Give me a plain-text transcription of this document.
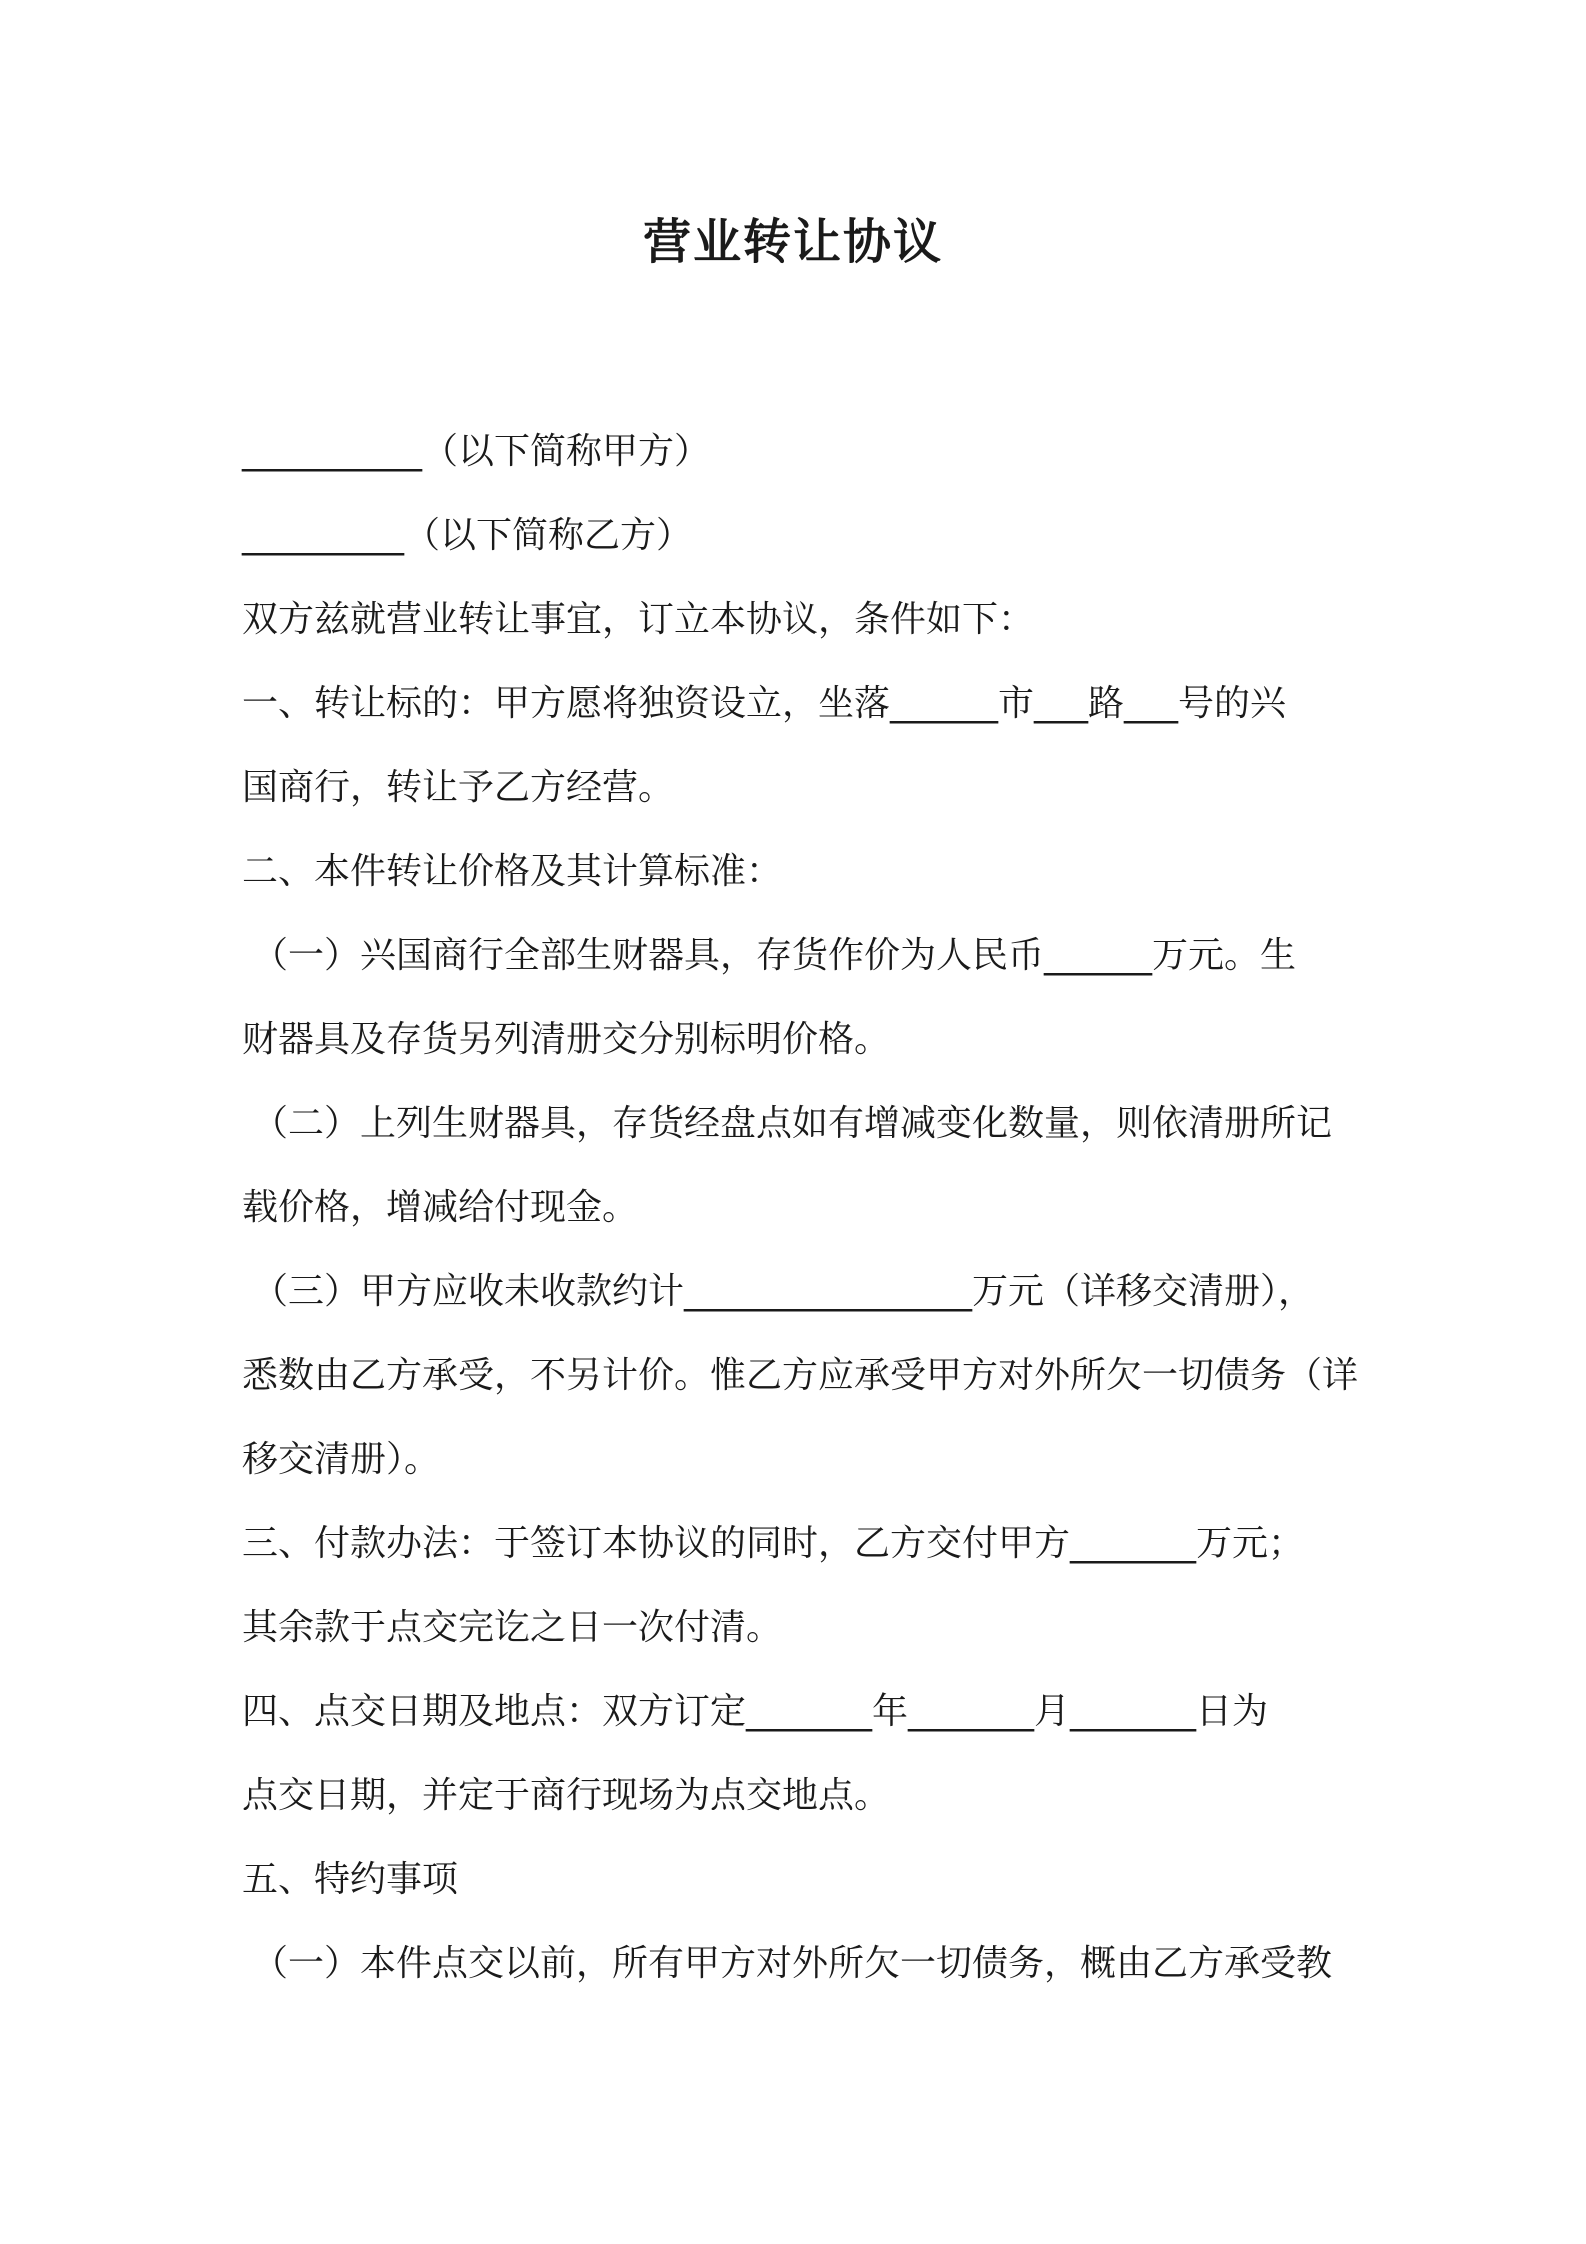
营业转让协议

__________（以下简称甲方）

_________（以下简称乙方）

双方兹就营业转让事宜，订立本协议，条件如下：

一、转让标的：甲方愿将独资设立，坐落______市___路___号的兴

国商行，转让予乙方经营。

二、本件转让价格及其计算标准：

（一）兴国商行全部生财器具，存货作价为人民币______万元。生

财器具及存货另列清册交分别标明价格。

（二）上列生财器具，存货经盘点如有增减变化数量，则依清册所记

载价格，增减给付现金。

（三）甲方应收未收款约计________________万元（详移交清册），

悉数由乙方承受，不另计价。惟乙方应承受甲方对外所欠一切债务（详

移交清册）。

三、付款办法：于签订本协议的同时，乙方交付甲方_______万元；

其余款于点交完讫之日一次付清。

四、点交日期及地点：双方订定_______年_______月_______日为

点交日期，并定于商行现场为点交地点。

五、特约事项

（一）本件点交以前，所有甲方对外所欠一切债务，概由乙方承受教
